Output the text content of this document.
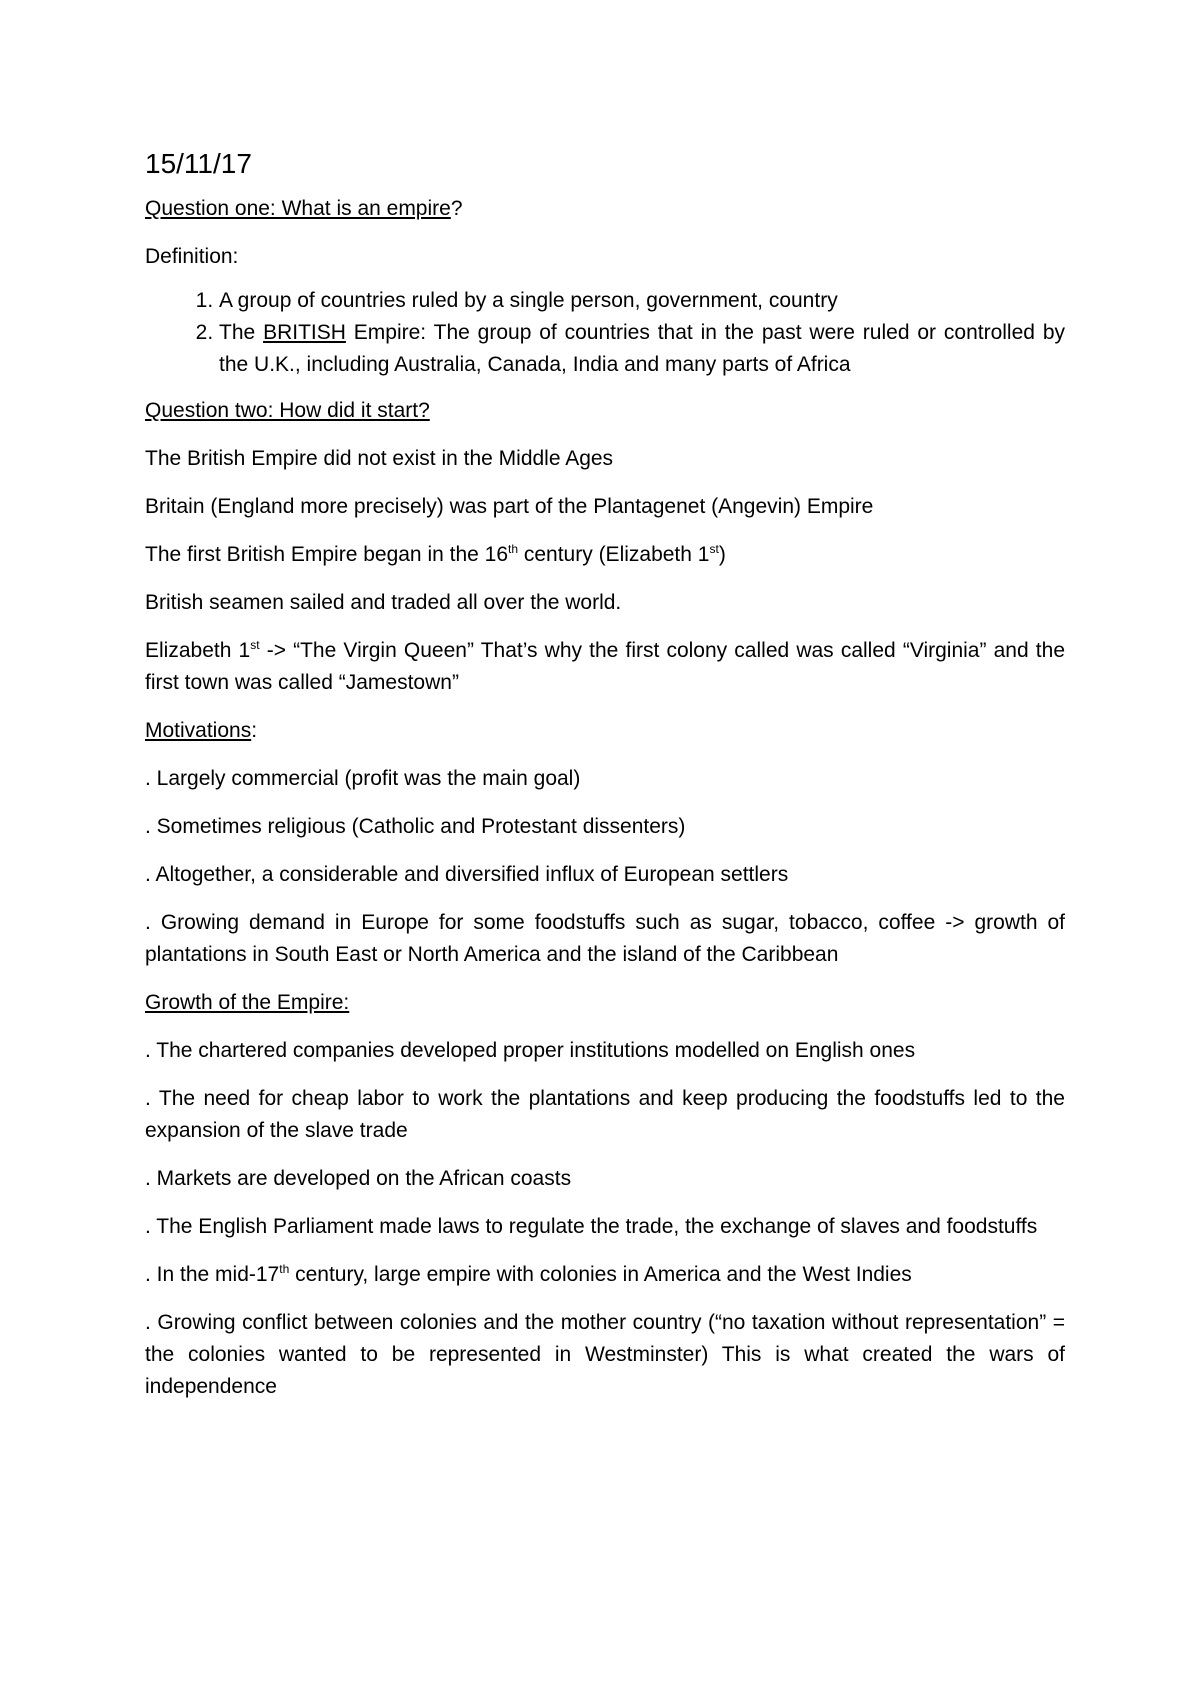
15/11/17

Question one: What is an empire?

Definition:

1. A group of countries ruled by a single person, government, country
2. The BRITISH Empire: The group of countries that in the past were ruled or controlled by the U.K., including Australia, Canada, India and many parts of Africa

Question two: How did it start?

The British Empire did not exist in the Middle Ages

Britain (England more precisely) was part of the Plantagenet (Angevin) Empire

The first British Empire began in the 16th century (Elizabeth 1st)

British seamen sailed and traded all over the world.

Elizabeth 1st -> “The Virgin Queen” That’s why the first colony called was called “Virginia” and the first town was called “Jamestown”

Motivations:

. Largely commercial (profit was the main goal)

. Sometimes religious (Catholic and Protestant dissenters)

. Altogether, a considerable and diversified influx of European settlers

. Growing demand in Europe for some foodstuffs such as sugar, tobacco, coffee -> growth of plantations in South East or North America and the island of the Caribbean

Growth of the Empire:

. The chartered companies developed proper institutions modelled on English ones

. The need for cheap labor to work the plantations and keep producing the foodstuffs led to the expansion of the slave trade

. Markets are developed on the African coasts

. The English Parliament made laws to regulate the trade, the exchange of slaves and foodstuffs

. In the mid-17th century, large empire with colonies in America and the West Indies

. Growing conflict between colonies and the mother country (“no taxation without representation” = the colonies wanted to be represented in Westminster) This is what created the wars of independence
